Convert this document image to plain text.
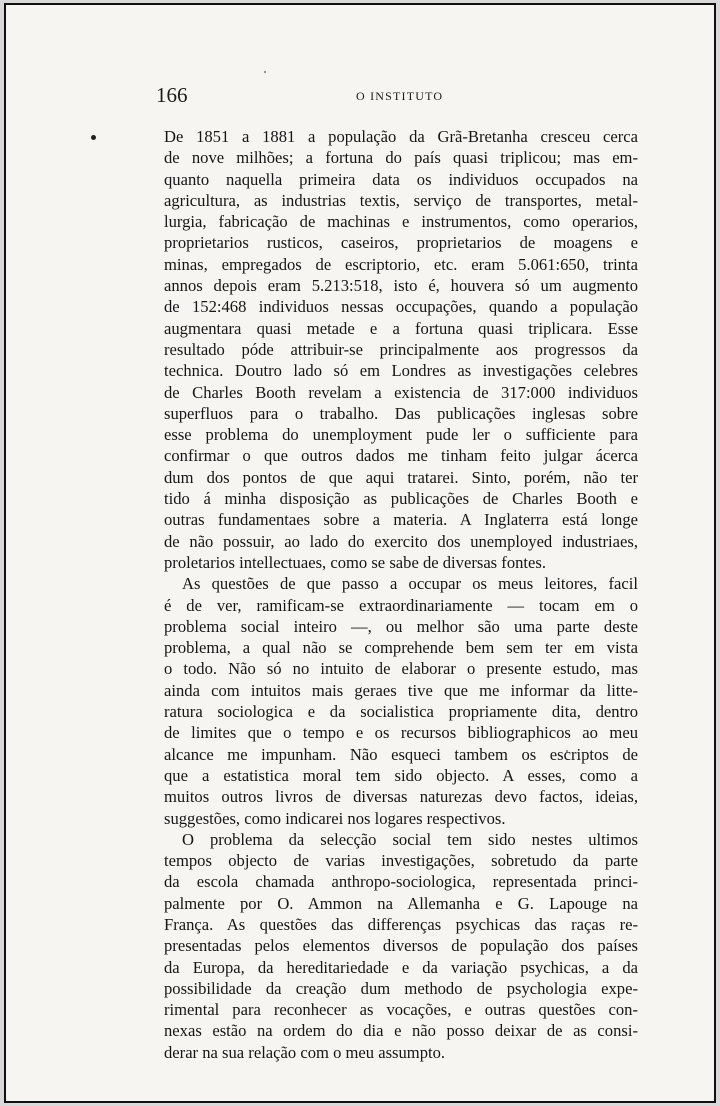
166	O INSTITUTO
De 1851 a 1881 a população da Grã-Bretanha cresceu cerca
de nove milhões; a fortuna do país quasi triplicou; mas em-
quanto naquella primeira data os individuos occupados na
agricultura, as industrias textis, serviço de transportes, metal-
lurgia, fabricação de machinas e instrumentos, como operarios,
proprietarios rusticos, caseiros, proprietarios de moagens e
minas, empregados de escriptorio, etc. eram 5.061:650, trinta
annos depois eram 5.213:518, isto é, houvera só um augmento
de 152:468 individuos nessas occupações, quando a população
augmentara quasi metade e a fortuna quasi triplicara. Esse
resultado póde attribuir-se principalmente aos progressos da
technica. Doutro lado só em Londres as investigações celebres
de Charles Booth revelam a existencia de 317:000 individuos
superfluos para o trabalho. Das publicações inglesas sobre
esse problema do unemployment pude ler o sufficiente para
confirmar o que outros dados me tinham feito julgar ácerca
dum dos pontos de que aqui tratarei. Sinto, porém, não ter
tido á minha disposição as publicações de Charles Booth e
outras fundamentaes sobre a materia. A Inglaterra está longe
de não possuir, ao lado do exercito dos unemployed industriaes,
proletarios intellectuaes, como se sabe de diversas fontes.
As questões de que passo a occupar os meus leitores, facil
é de ver, ramificam-se extraordinariamente — tocam em o
problema social inteiro —, ou melhor são uma parte deste
problema, a qual não se comprehende bem sem ter em vista
o todo. Não só no intuito de elaborar o presente estudo, mas
ainda com intuitos mais geraes tive que me informar da litte-
ratura sociologica e da socialistica propriamente dita, dentro
de limites que o tempo e os recursos bibliographicos ao meu
alcance me impunham. Não esqueci tambem os escriptos de
que a estatistica moral tem sido objecto. A esses, como a
muitos outros livros de diversas naturezas devo factos, ideias,
suggestões, como indicarei nos logares respectivos.
O problema da selecção social tem sido nestes ultimos
tempos objecto de varias investigações, sobretudo da parte
da escola chamada anthropo-sociologica, representada princi-
palmente por O. Ammon na Allemanha e G. Lapouge na
França. As questões das differenças psychicas das raças re-
presentadas pelos elementos diversos de população dos países
da Europa, da hereditariedade e da variação psychicas, a da
possibilidade da creação dum methodo de psychologia expe-
rimental para reconhecer as vocações, e outras questões con-
nexas estão na ordem do dia e não posso deixar de as consi-
derar na sua relação com o meu assumpto.
